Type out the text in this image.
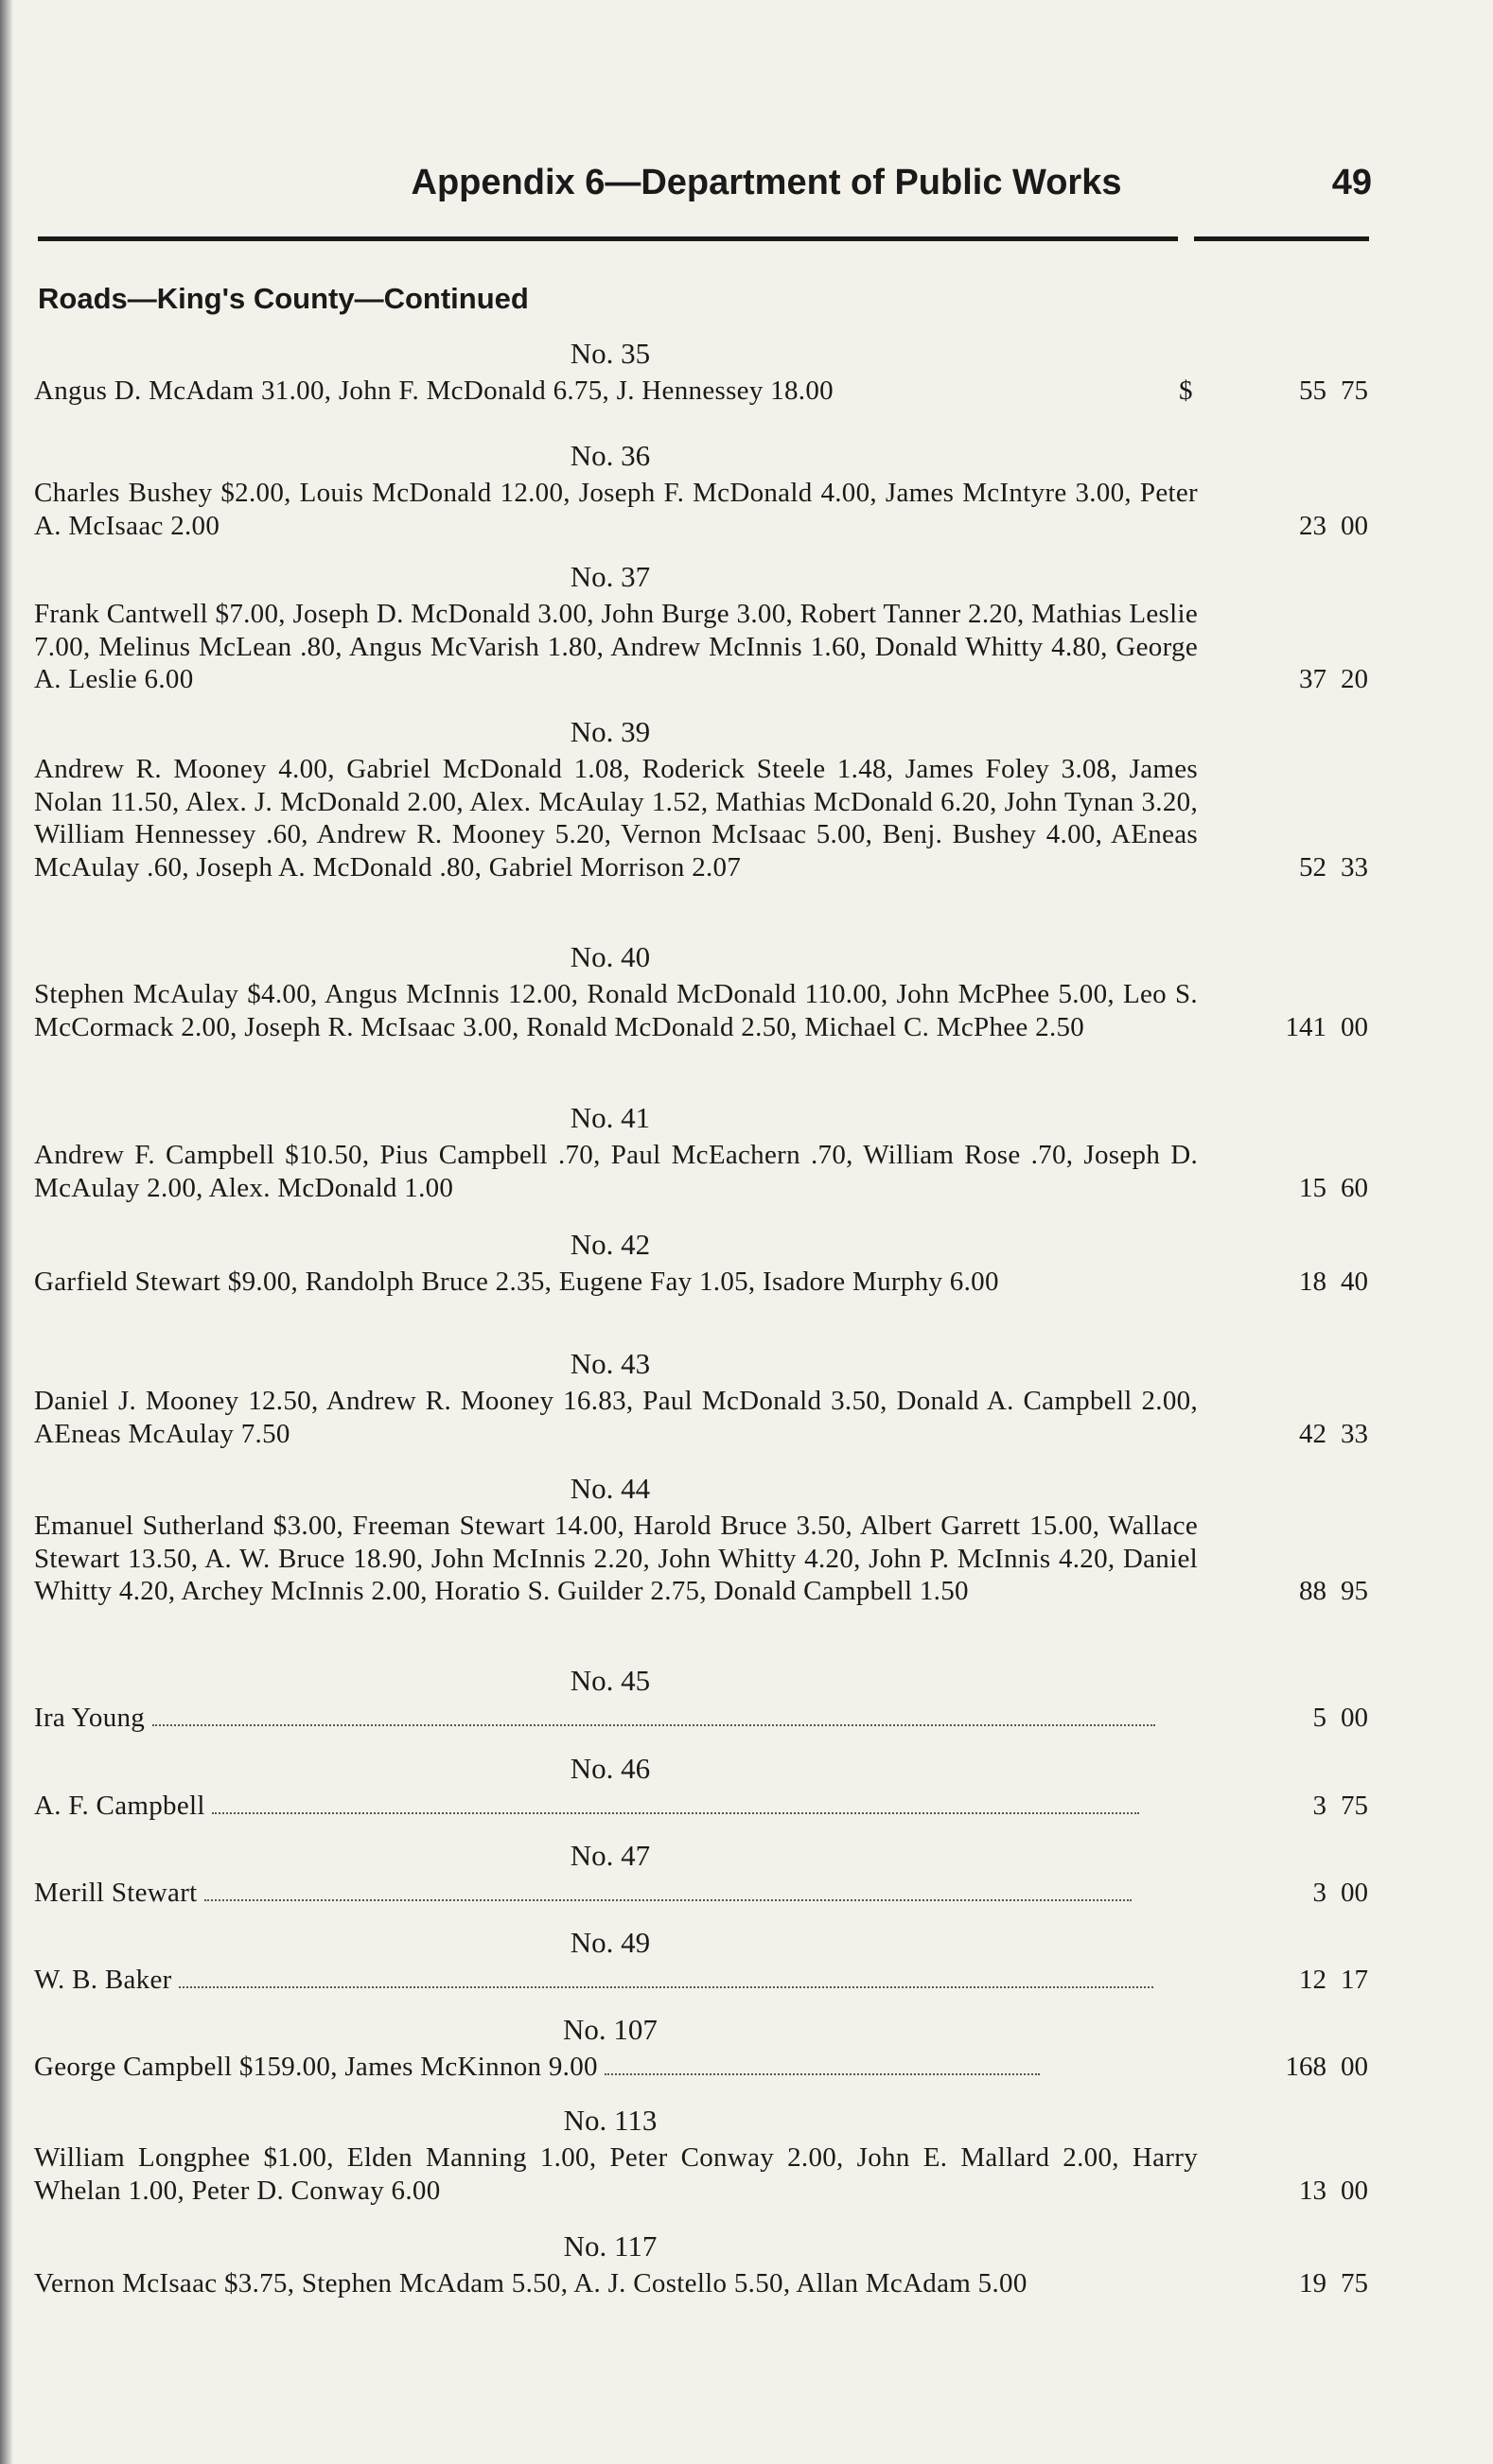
Appendix 6—Department of Public Works	49
Roads—King's County—Continued
No. 35
Angus D. McAdam 31.00, John F. McDonald 6.75, J. Hennessey 18.00	$	55 75
No. 36
Charles Bushey $2.00, Louis McDonald 12.00, Joseph F. McDonald 4.00, James McIntyre 3.00, Peter A. McIsaac 2.00	23 00
No. 37
Frank Cantwell $7.00, Joseph D. McDonald 3.00, John Burge 3.00, Robert Tanner 2.20, Mathias Leslie 7.00, Melinus McLean .80, Angus McVarish 1.80, Andrew McInnis 1.60, Donald Whitty 4.80, George A. Leslie 6.00	37 20
No. 39
Andrew R. Mooney 4.00, Gabriel McDonald 1.08, Roderick Steele 1.48, James Foley 3.08, James Nolan 11.50, Alex. J. McDonald 2.00, Alex. McAulay 1.52, Mathias McDonald 6.20, John Tynan 3.20, William Hennessey .60, Andrew R. Mooney 5.20, Vernon McIsaac 5.00, Benj. Bushey 4.00, AEneas McAulay .60, Joseph A. McDonald .80, Gabriel Morrison 2.07	52 33
No. 40
Stephen McAulay $4.00, Angus McInnis 12.00, Ronald McDonald 110.00, John McPhee 5.00, Leo S. McCormack 2.00, Joseph R. McIsaac 3.00, Ronald McDonald 2.50, Michael C. McPhee 2.50	141 00
No. 41
Andrew F. Campbell $10.50, Pius Campbell .70, Paul McEachern .70, William Rose .70, Joseph D. McAulay 2.00, Alex. McDonald 1.00	15 60
No. 42
Garfield Stewart $9.00, Randolph Bruce 2.35, Eugene Fay 1.05, Isadore Murphy 6.00	18 40
No. 43
Daniel J. Mooney 12.50, Andrew R. Mooney 16.83, Paul McDonald 3.50, Donald A. Campbell 2.00, AEneas McAulay 7.50	42 33
No. 44
Emanuel Sutherland $3.00, Freeman Stewart 14.00, Harold Bruce 3.50, Albert Garrett 15.00, Wallace Stewart 13.50, A. W. Bruce 18.90, John McInnis 2.20, John Whitty 4.20, John P. McInnis 4.20, Daniel Whitty 4.20, Archey McInnis 2.00, Horatio S. Guilder 2.75, Donald Campbell 1.50	88 95
No. 45
Ira Young	5 00
No. 46
A. F. Campbell	3 75
No. 47
Merill Stewart	3 00
No. 49
W. B. Baker	12 17
No. 107
George Campbell $159.00, James McKinnon 9.00	168 00
No. 113
William Longphee $1.00, Elden Manning 1.00, Peter Conway 2.00, John E. Mallard 2.00, Harry Whelan 1.00, Peter D. Conway 6.00	13 00
No. 117
Vernon McIsaac $3.75, Stephen McAdam 5.50, A. J. Costello 5.50, Allan McAdam 5.00	19 75
